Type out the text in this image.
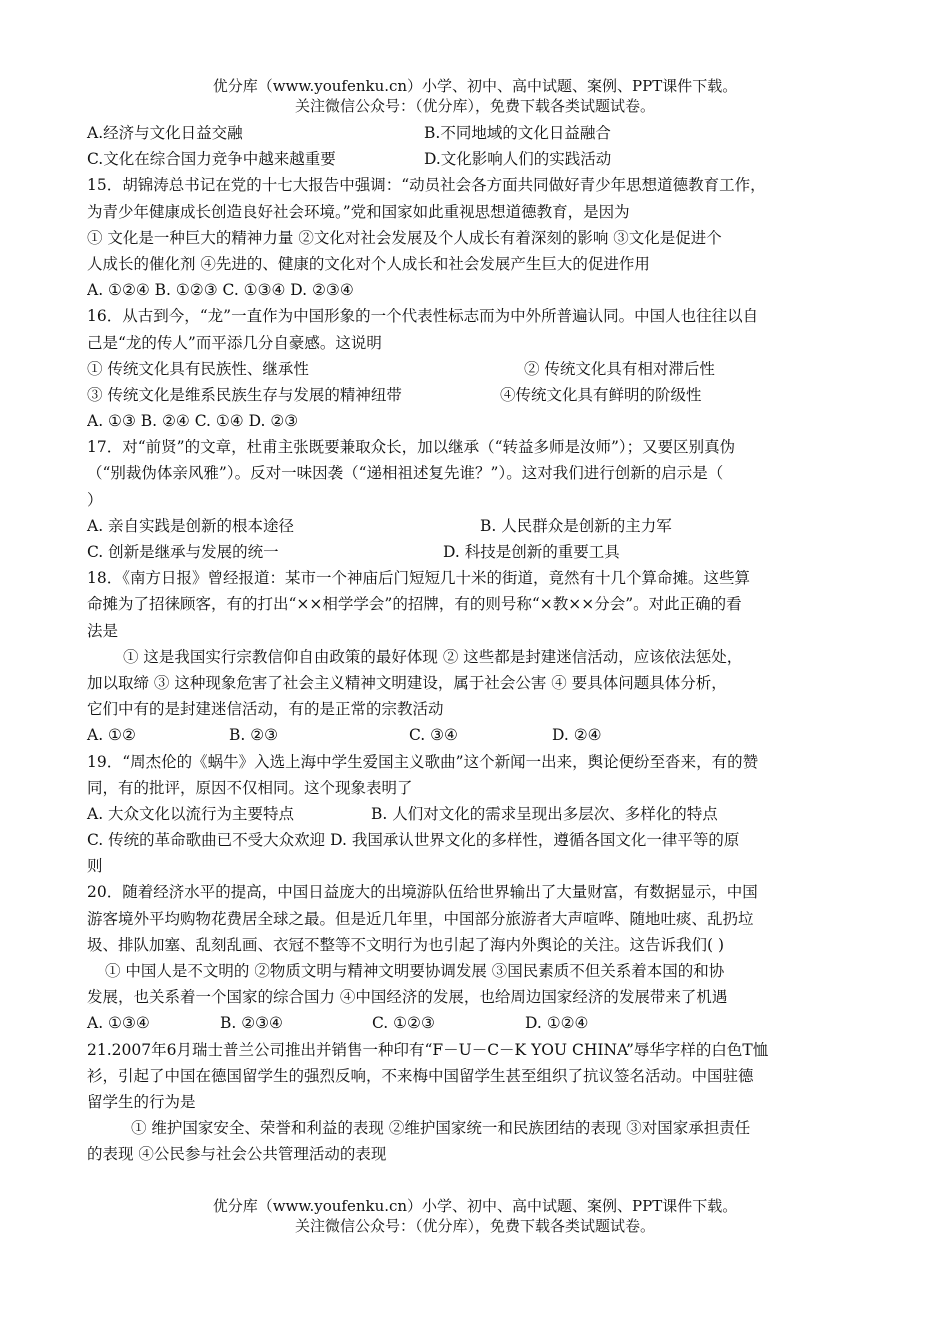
优分库（www.youfenku.cn）小学、初中、高中试题、案例、PPT课件下载。
关注微信公众号：（优分库），免费下载各类试题试卷。
A.经济与文化日益交融	B.不同地域的文化日益融合
C.文化在综合国力竞争中越来越重要	D.文化影响人们的实践活动
15．胡锦涛总书记在党的十七大报告中强调：“动员社会各方面共同做好青少年思想道德教育工作，
为青少年健康成长创造良好社会环境。”党和国家如此重视思想道德教育，是因为
① 文化是一种巨大的精神力量 ②文化对社会发展及个人成长有着深刻的影响 ③文化是促进个
人成长的催化剂 ④先进的、健康的文化对个人成长和社会发展产生巨大的促进作用
A. ①②④ B. ①②③ C. ①③④ D. ②③④
16．从古到今，“龙”一直作为中国形象的一个代表性标志而为中外所普遍认同。中国人也往往以自
己是“龙的传人”而平添几分自豪感。这说明
① 传统文化具有民族性、继承性	② 传统文化具有相对滞后性
③ 传统文化是维系民族生存与发展的精神纽带	④传统文化具有鲜明的阶级性
A. ①③ B. ②④ C. ①④ D. ②③
17．对“前贤”的文章，杜甫主张既要兼取众长，加以继承（“转益多师是汝师”）；又要区别真伪
（“别裁伪体亲风雅”）。反对一味因袭（“递相祖述复先谁？”）。这对我们进行创新的启示是（
）
A. 亲自实践是创新的根本途径	B. 人民群众是创新的主力军
C. 创新是继承与发展的统一	D. 科技是创新的重要工具
18．《南方日报》曾经报道：某市一个神庙后门短短几十米的街道，竟然有十几个算命摊。这些算
命摊为了招徕顾客，有的打出“××相学学会”的招牌，有的则号称“×教××分会”。对此正确的看
法是
① 这是我国实行宗教信仰自由政策的最好体现 ② 这些都是封建迷信活动，应该依法惩处，
加以取缔 ③ 这种现象危害了社会主义精神文明建设，属于社会公害 ④ 要具体问题具体分析，
它们中有的是封建迷信活动，有的是正常的宗教活动
A. ①②	B. ②③	C. ③④	D. ②④
19．“周杰伦的《蜗牛》入选上海中学生爱国主义歌曲”这个新闻一出来，舆论便纷至沓来，有的赞
同，有的批评，原因不仅相同。这个现象表明了
A. 大众文化以流行为主要特点	B. 人们对文化的需求呈现出多层次、多样化的特点
C. 传统的革命歌曲已不受大众欢迎 D. 我国承认世界文化的多样性，遵循各国文化一律平等的原
则
20．随着经济水平的提高，中国日益庞大的出境游队伍给世界输出了大量财富，有数据显示，中国
游客境外平均购物花费居全球之最。但是近几年里，中国部分旅游者大声喧哗、随地吐痰、乱扔垃
圾、排队加塞、乱刻乱画、衣冠不整等不文明行为也引起了海内外舆论的关注。这告诉我们( )
① 中国人是不文明的 ②物质文明与精神文明要协调发展 ③国民素质不但关系着本国的和协
发展，也关系着一个国家的综合国力 ④中国经济的发展，也给周边国家经济的发展带来了机遇
A. ①③④	B. ②③④	C. ①②③	D. ①②④
21.2007年6月瑞士普兰公司推出并销售一种印有“F－U－C－K YOU CHINA”辱华字样的白色T恤
衫，引起了中国在德国留学生的强烈反响，不来梅中国留学生甚至组织了抗议签名活动。中国驻德
留学生的行为是
① 维护国家安全、荣誉和利益的表现 ②维护国家统一和民族团结的表现 ③对国家承担责任
的表现 ④公民参与社会公共管理活动的表现
优分库（www.youfenku.cn）小学、初中、高中试题、案例、PPT课件下载。
关注微信公众号：（优分库），免费下载各类试题试卷。
